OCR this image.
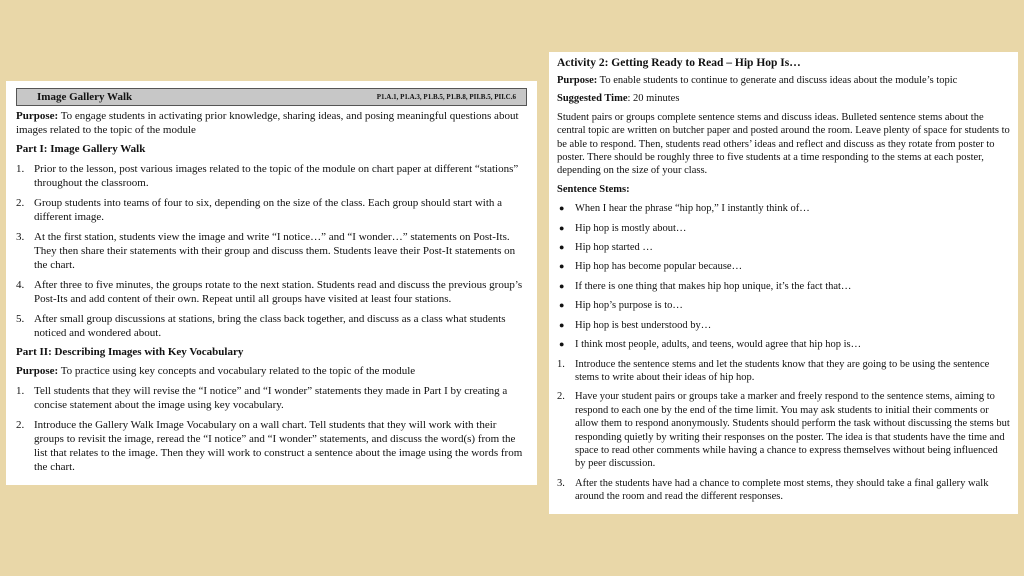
Image Gallery Walk	P1.A.1, P1.A.3, P1.B.5, P1.B.8, PII.B.5, PII.C.6

Purpose: To engage students in activating prior knowledge, sharing ideas, and posing meaningful questions about images related to the topic of the module

Part I: Image Gallery Walk

1. Prior to the lesson, post various images related to the topic of the module on chart paper at different “stations” throughout the classroom.
2. Group students into teams of four to six, depending on the size of the class. Each group should start with a different image.
3. At the first station, students view the image and write “I notice…” and “I wonder…” statements on Post-Its. They then share their statements with their group and discuss them. Students leave their Post-It statements on the chart.
4. After three to five minutes, the groups rotate to the next station. Students read and discuss the previous group’s Post-Its and add content of their own. Repeat until all groups have visited at least four stations.
5. After small group discussions at stations, bring the class back together, and discuss as a class what students noticed and wondered about.

Part II: Describing Images with Key Vocabulary

Purpose: To practice using key concepts and vocabulary related to the topic of the module

1. Tell students that they will revise the “I notice” and “I wonder” statements they made in Part I by creating a concise statement about the image using key vocabulary.
2. Introduce the Gallery Walk Image Vocabulary on a wall chart. Tell students that they will work with their groups to revisit the image, reread the “I notice” and “I wonder” statements, and discuss the word(s) from the list that relates to the image. Then they will work to construct a sentence about the image using the words from the chart.

Activity 2: Getting Ready to Read – Hip Hop Is…

Purpose: To enable students to continue to generate and discuss ideas about the module’s topic

Suggested Time: 20 minutes

Student pairs or groups complete sentence stems and discuss ideas. Bulleted sentence stems about the central topic are written on butcher paper and posted around the room. Leave plenty of space for students to be able to respond. Then, students read others’ ideas and reflect and discuss as they rotate from poster to poster. There should be roughly three to five students at a time responding to the stems at each poster, depending on the size of your class.

Sentence Stems:

●	When I hear the phrase “hip hop,” I instantly think of…
●	Hip hop is mostly about…
●	Hip hop started …
●	Hip hop has become popular because…
●	If there is one thing that makes hip hop unique, it’s the fact that…
●	Hip hop’s purpose is to…
●	Hip hop is best understood by…
●	I think most people, adults, and teens, would agree that hip hop is…
1. Introduce the sentence stems and let the students know that they are going to be using the sentence stems to write about their ideas of hip hop.
2. Have your student pairs or groups take a marker and freely respond to the sentence stems, aiming to respond to each one by the end of the time limit. You may ask students to initial their comments or allow them to respond anonymously. Students should perform the task without discussing the stems but responding quietly by writing their responses on the poster. The idea is that students have the time and space to read other comments while having a chance to express themselves without being influenced by peer discussion.
3. After the students have had a chance to complete most stems, they should take a final gallery walk around the room and read the different responses.
